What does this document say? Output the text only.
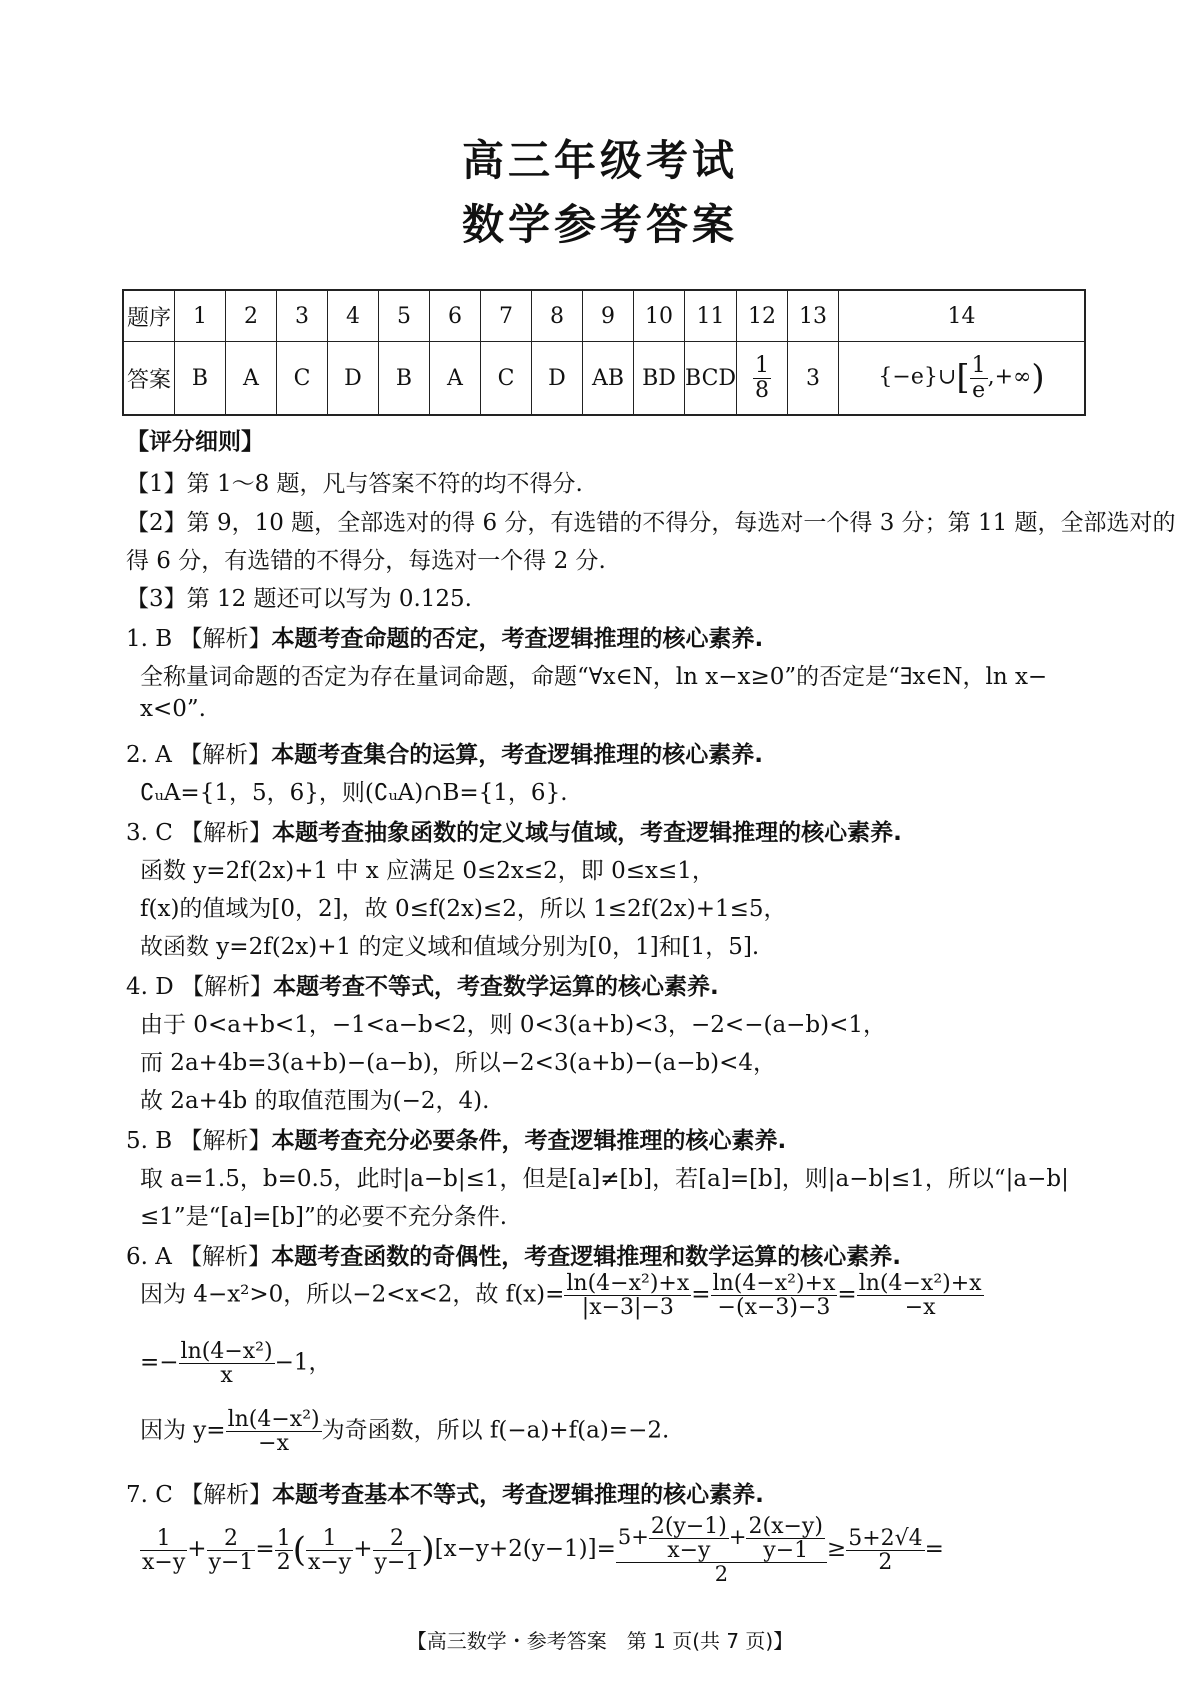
高三年级考试
数学参考答案
题序	1	2	3	4	5	6	7	8	9	10	11	12	13	14
答案	B	A	C	D	B	A	C	D	AB	BD	BCD	$\frac{1}{8}$	3	{−e}∪[ $\frac{1}{e}$ ,+∞)
【评分细则】
【1】第 1～8 题，凡与答案不符的均不得分.
【2】第 9，10 题，全部选对的得 6 分，有选错的不得分，每选对一个得 3 分；第 11 题，全部选对的
得 6 分，有选错的不得分，每选对一个得 2 分.
【3】第 12 题还可以写为 0.125.
1. B 【解析】本题考查命题的否定，考查逻辑推理的核心素养.
全称量词命题的否定为存在量词命题，命题“∀x∈N，ln x−x≥0”的否定是“∃x∈N，ln x−
x<0”.
2. A 【解析】本题考查集合的运算，考查逻辑推理的核心素养.
∁ᵤA={1，5，6}，则(∁ᵤA)∩B={1，6}.
3. C 【解析】本题考查抽象函数的定义域与值域，考查逻辑推理的核心素养.
函数 y=2f(2x)+1 中 x 应满足 0≤2x≤2，即 0≤x≤1，
f(x)的值域为[0，2]，故 0≤f(2x)≤2，所以 1≤2f(2x)+1≤5，
故函数 y=2f(2x)+1 的定义域和值域分别为[0，1]和[1，5].
4. D 【解析】本题考查不等式，考查数学运算的核心素养.
由于 0<a+b<1，−1<a−b<2，则 0<3(a+b)<3，−2<−(a−b)<1，
而 2a+4b=3(a+b)−(a−b)，所以−2<3(a+b)−(a−b)<4，
故 2a+4b 的取值范围为(−2，4).
5. B 【解析】本题考查充分必要条件，考查逻辑推理的核心素养.
取 a=1.5，b=0.5，此时|a−b|≤1，但是[a]≠[b]，若[a]=[b]，则|a−b|≤1，所以“|a−b|
≤1”是“[a]=[b]”的必要不充分条件.
6. A 【解析】本题考查函数的奇偶性，考查逻辑推理和数学运算的核心素养.
因为 4−x²>0，所以−2<x<2，故 $f(x)= \frac{\text{ln(4−x²)+x}}{|x-3|-3} = \frac{\text{ln(4−x²)+x}}{-(x-3)-3} = \frac{\text{ln(4−x²)+x}}{-x}$
=− $\frac{\text{ln(4−x²)}}{x} -1$，
因为 $y= \frac{\text{ln(4−x²)}}{-x}$ 为奇函数，所以 f(−a)+f(a)=−2.
7. C 【解析】本题考查基本不等式，考查逻辑推理的核心素养.
$\frac{1}{x-y} + \frac{2}{y-1} = \frac{1}{2}$ ( $\frac{1}{x-y} + \frac{2}{y-1} )[x-y+2(y-1)]= \frac{5+ \frac{2(y-1)}{x-y} + \frac{2(x-y)}{y-1}}{2} \ge \frac{5+2√4}{2}$ =
【高三数学・参考答案　第 1 页(共 7 页)】
